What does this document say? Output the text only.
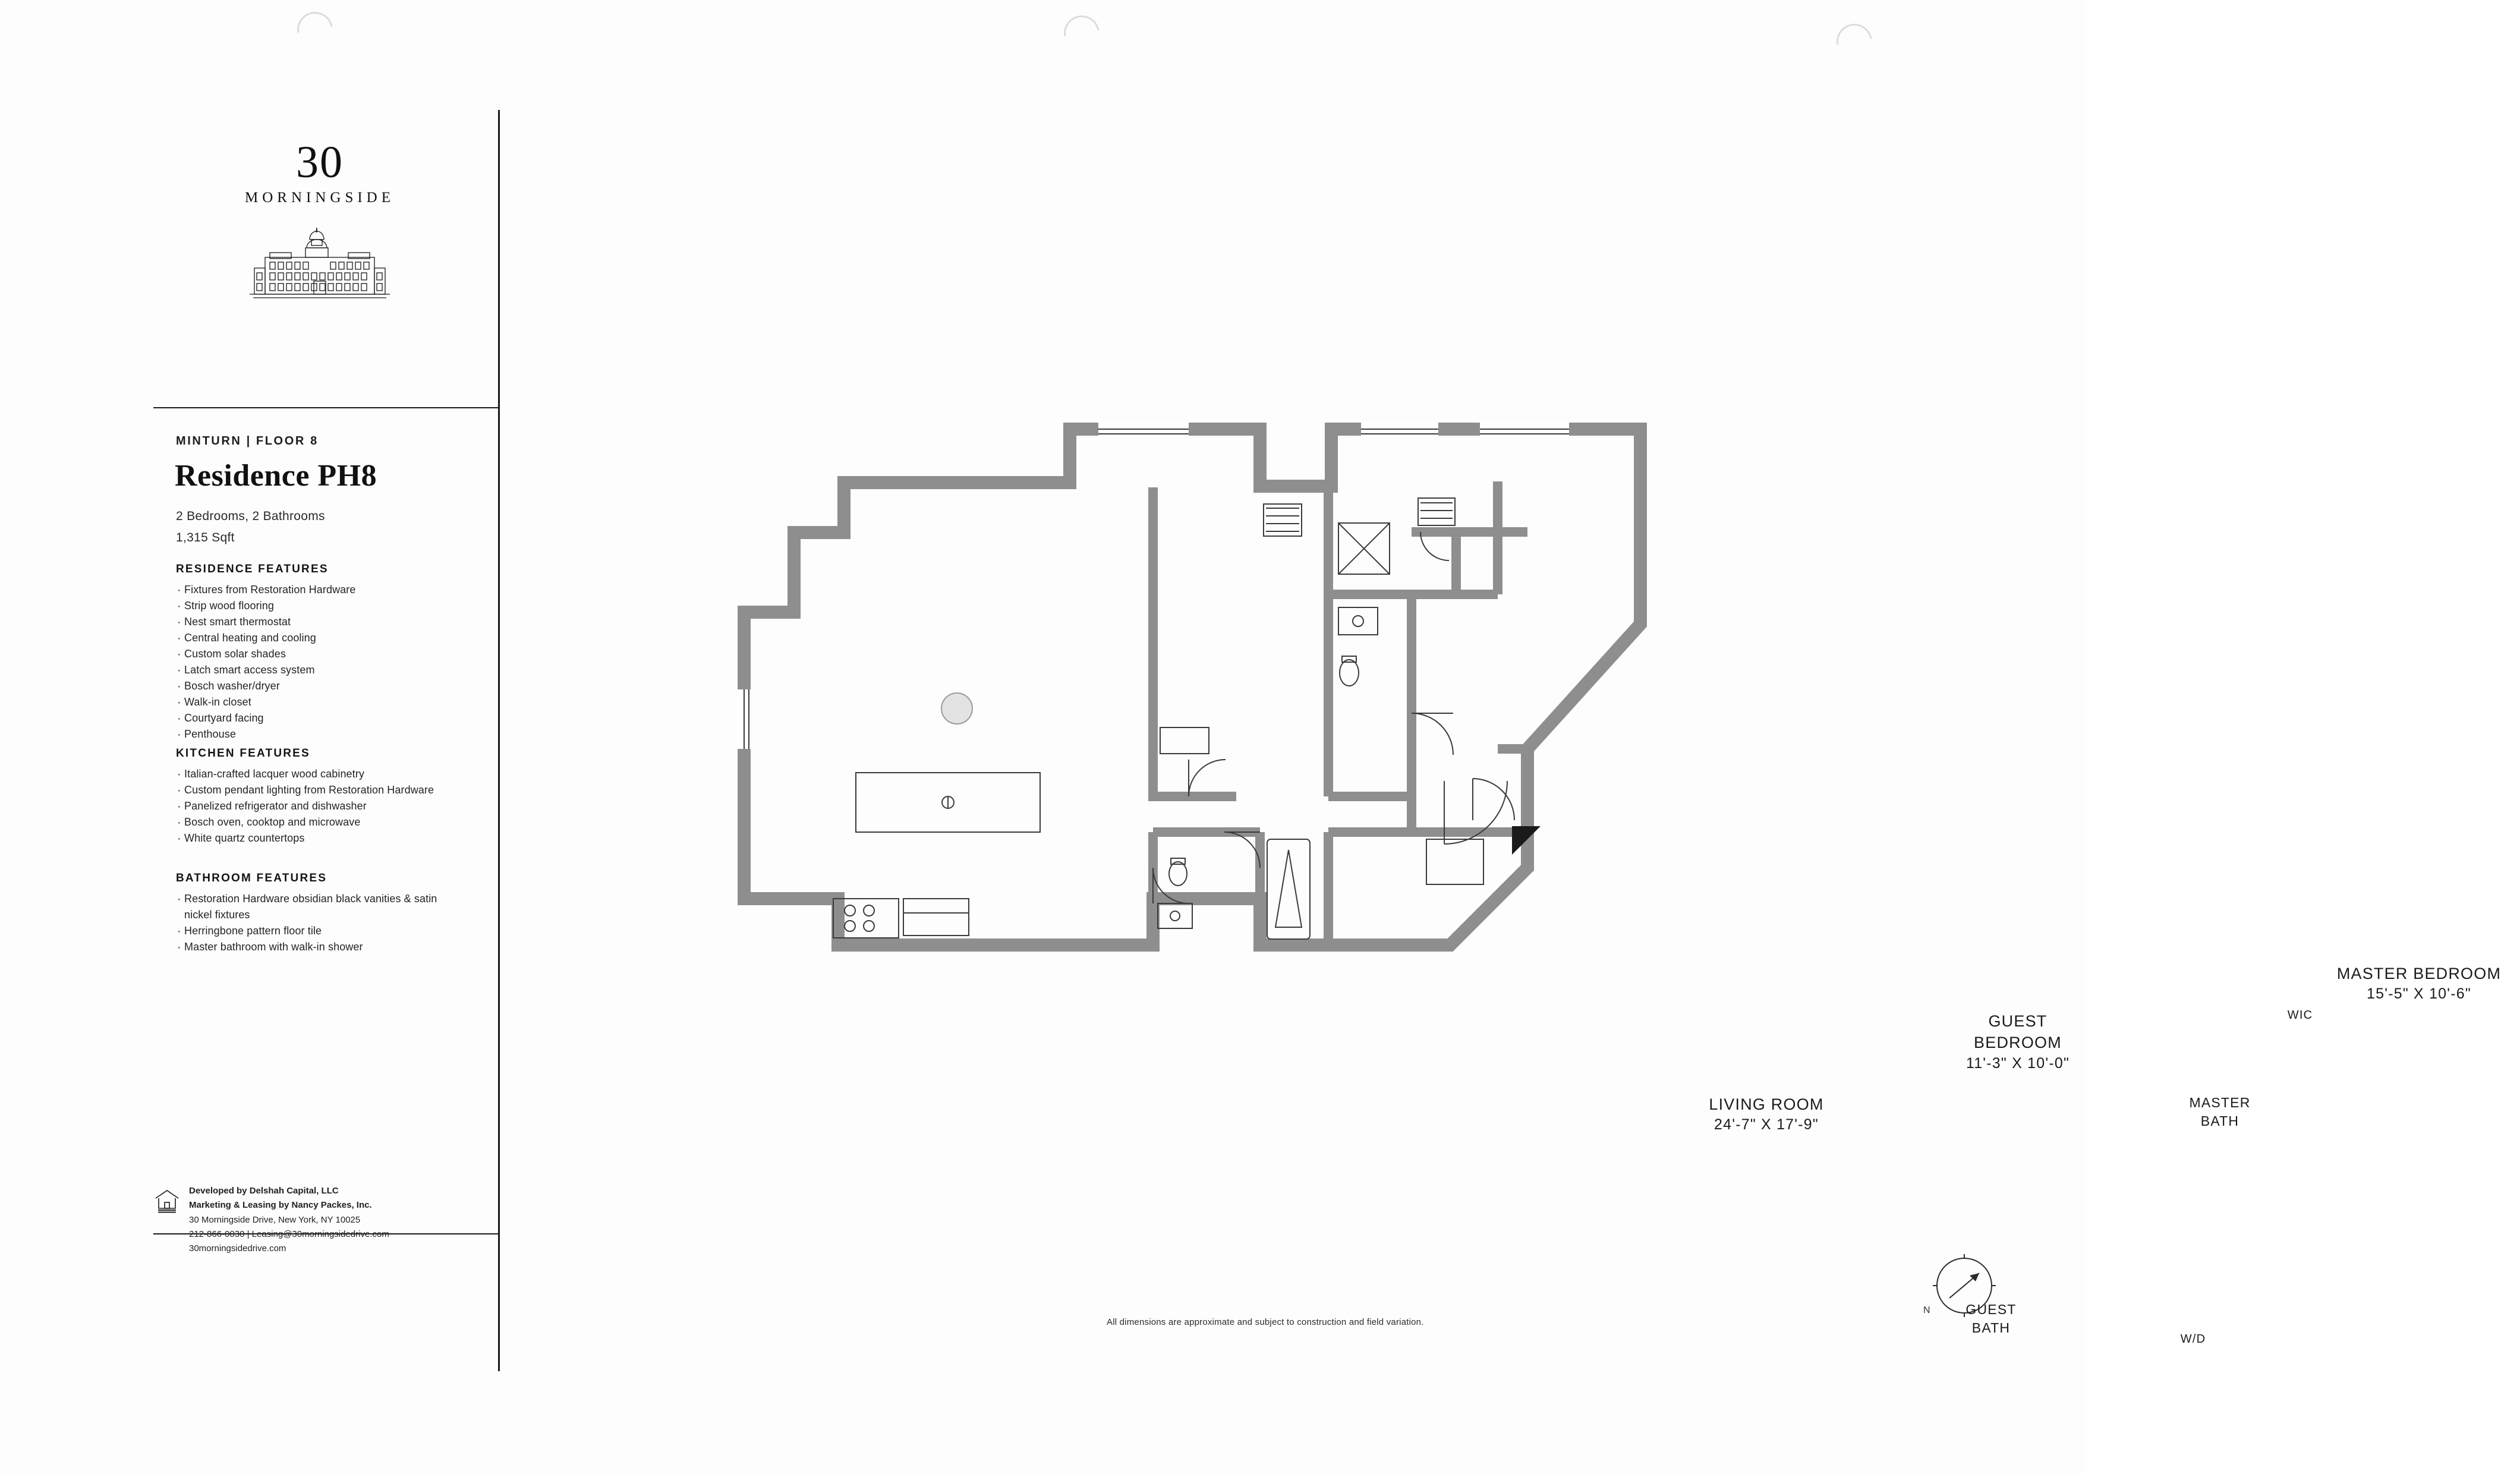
30
MORNINGSIDE
MINTURN | FLOOR 8
Residence PH8
2 Bedrooms, 2 Bathrooms
1,315 Sqft
RESIDENCE FEATURES
· Fixtures from Restoration Hardware
· Strip wood flooring
· Nest smart thermostat
· Central heating and cooling
· Custom solar shades
· Latch smart access system
· Bosch washer/dryer
· Walk-in closet
· Courtyard facing
· Penthouse
KITCHEN FEATURES
· Italian-crafted lacquer wood cabinetry
· Custom pendant lighting from Restoration Hardware
· Panelized refrigerator and dishwasher
· Bosch oven, cooktop and microwave
· White quartz countertops
BATHROOM FEATURES
· Restoration Hardware obsidian black vanities & satin nickel fixtures
· Herringbone pattern floor tile
· Master bathroom with walk-in shower
Developed by Delshah Capital, LLC
Marketing & Leasing by Nancy Packes, Inc.
30 Morningside Drive, New York, NY 10025
212-866-0030 | Leasing@30morningsidedrive.com
30morningsidedrive.com
All dimensions are approximate and subject to construction and field variation.
N
LIVING ROOM
24'-7" X 17'-9"
GUEST
BEDROOM
11'-3" X 10'-0"
MASTER BEDROOM
15'-5" X 10'-6"
WIC
MASTER
BATH
GUEST
BATH
W/D
